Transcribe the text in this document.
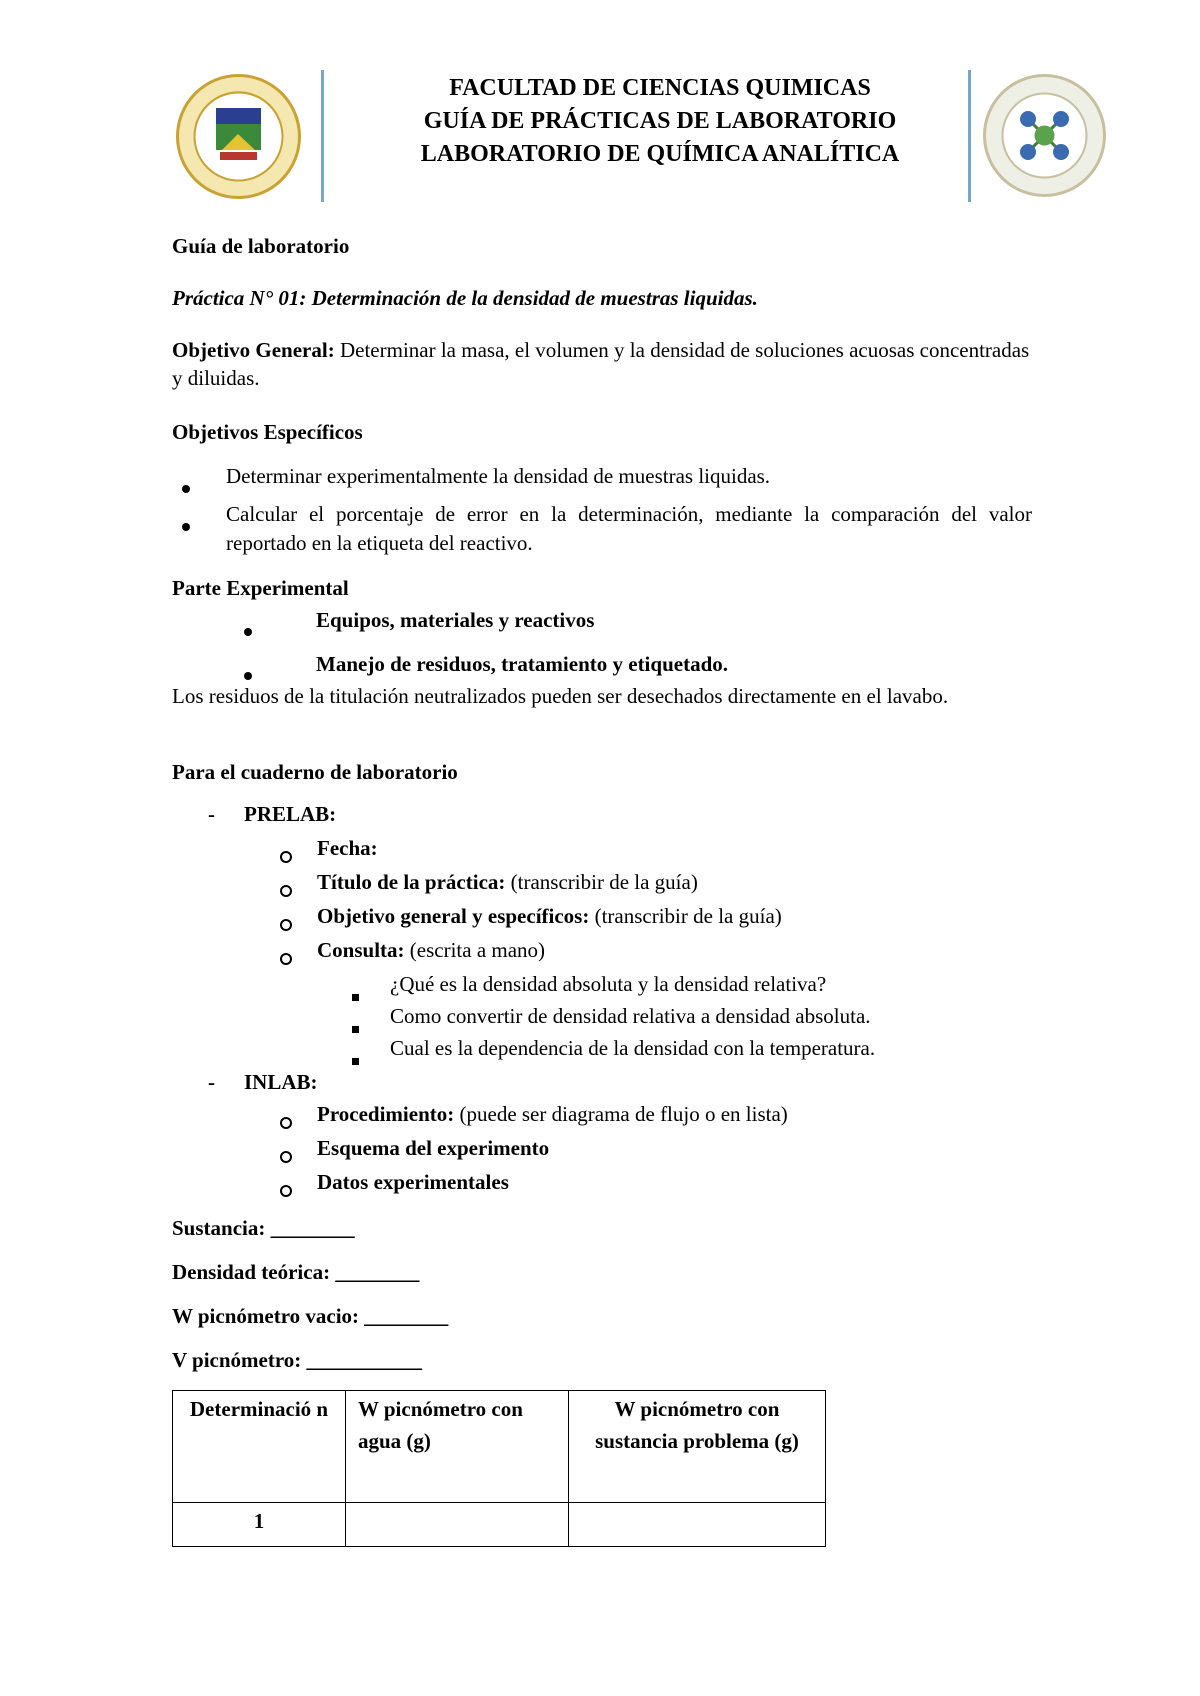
FACULTAD DE CIENCIAS QUIMICAS
GUÍA DE PRÁCTICAS DE LABORATORIO
LABORATORIO DE QUÍMICA ANALÍTICA
Guía de laboratorio
Práctica N° 01: Determinación de la densidad de muestras liquidas.
Objetivo General: Determinar la masa, el volumen y la densidad de soluciones acuosas concentradas y diluidas.
Objetivos Específicos
Determinar experimentalmente la densidad de muestras liquidas.
Calcular el porcentaje de error en la determinación, mediante la comparación del valor reportado en la etiqueta del reactivo.
Parte Experimental
Equipos, materiales y reactivos
Manejo de residuos, tratamiento y etiquetado.
Los residuos de la titulación neutralizados pueden ser desechados directamente en el lavabo.
Para el cuaderno de laboratorio
- PRELAB:
Fecha:
Título de la práctica: (transcribir de la guía)
Objetivo general y específicos: (transcribir de la guía)
Consulta: (escrita a mano)
¿Qué es la densidad absoluta y la densidad relativa?
Como convertir de densidad relativa a densidad absoluta.
Cual es la dependencia de la densidad con la temperatura.
- INLAB:
Procedimiento: (puede ser diagrama de flujo o en lista)
Esquema del experimento
Datos experimentales
Sustancia: ________
Densidad teórica: ________
W picnómetro vacio: ________
V picnómetro: ___________
Determinació n	W picnómetro con agua (g)	W picnómetro con sustancia problema (g)
1		
